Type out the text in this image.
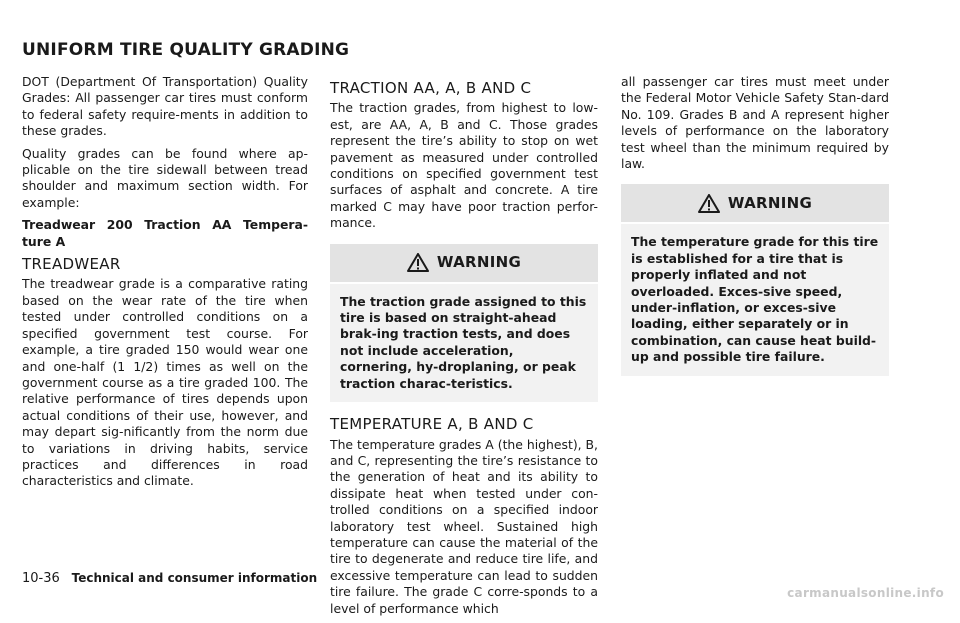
UNIFORM TIRE QUALITY GRADING

DOT (Department Of Transportation) Quality Grades: All passenger car tires must conform to federal safety require-ments in addition to these grades.

Quality grades can be found where ap-plicable on the tire sidewall between tread shoulder and maximum section width. For example:

Treadwear 200 Traction AA Tempera-ture A

TREADWEAR

The treadwear grade is a comparative rating based on the wear rate of the tire when tested under controlled conditions on a specified government test course. For example, a tire graded 150 would wear one and one-half (1 1/2) times as well on the government course as a tire graded 100. The relative performance of tires depends upon actual conditions of their use, however, and may depart sig-nificantly from the norm due to variations in driving habits, service practices and differences in road characteristics and climate.

TRACTION AA, A, B AND C

The traction grades, from highest to low-est, are AA, A, B and C. Those grades represent the tire’s ability to stop on wet pavement as measured under controlled conditions on specified government test surfaces of asphalt and concrete. A tire marked C may have poor traction perfor-mance.

WARNING
The traction grade assigned to this tire is based on straight-ahead brak-ing traction tests, and does not include acceleration, cornering, hy-droplaning, or peak traction charac-teristics.
TEMPERATURE A, B AND C

The temperature grades A (the highest), B, and C, representing the tire’s resistance to the generation of heat and its ability to dissipate heat when tested under con-trolled conditions on a specified indoor laboratory test wheel. Sustained high temperature can cause the material of the tire to degenerate and reduce tire life, and excessive temperature can lead to sudden tire failure. The grade C corre-sponds to a level of performance which

all passenger car tires must meet under the Federal Motor Vehicle Safety Stan-dard No. 109. Grades B and A represent higher levels of performance on the laboratory test wheel than the minimum required by law.

WARNING
The temperature grade for this tire is established for a tire that is properly inflated and not overloaded. Exces-sive speed, under-inflation, or exces-sive loading, either separately or in combination, can cause heat build-up and possible tire failure.
10-36 Technical and consumer information
carmanualsonline.info
